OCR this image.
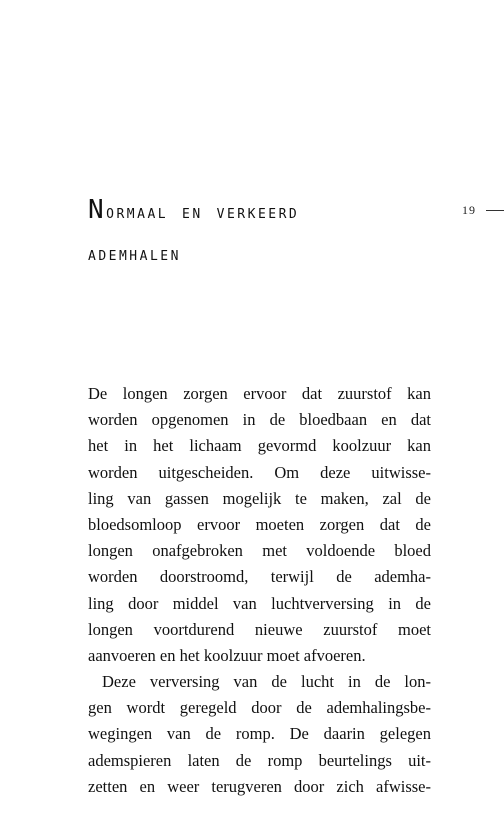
Normaal en verkeerd
ademhalen
19
De longen zorgen ervoor dat zuurstof kan
worden opgenomen in de bloedbaan en dat
het in het lichaam gevormd koolzuur kan
worden uitgescheiden. Om deze uitwisse-
ling van gassen mogelijk te maken, zal de
bloedsomloop ervoor moeten zorgen dat de
longen onafgebroken met voldoende bloed
worden doorstroomd, terwijl de ademha-
ling door middel van luchtverversing in de
longen voortdurend nieuwe zuurstof moet
aanvoeren en het koolzuur moet afvoeren.
Deze verversing van de lucht in de lon-
gen wordt geregeld door de ademhalingsbe-
wegingen van de romp. De daarin gelegen
ademspieren laten de romp beurtelings uit-
zetten en weer terugveren door zich afwisse-
